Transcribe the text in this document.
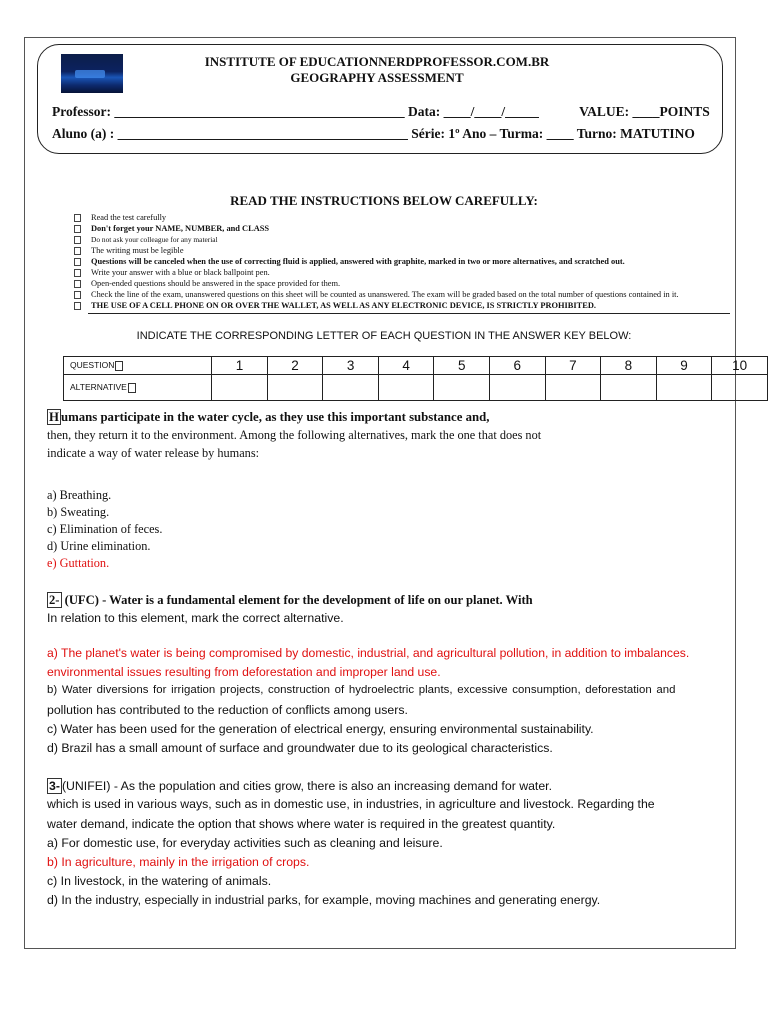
INSTITUTE OF EDUCATIONNERDPROFESSOR.COM.BR
GEOGRAPHY ASSESSMENT
Professor: ___________________________________________ Data: ____/____/_____            VALUE: ____POINTS
Aluno (a) : ___________________________________________ Série: 1º Ano – Turma: ____ Turno: MATUTINO
READ THE INSTRUCTIONS BELOW CAREFULLY:
Read the test carefully
Don't forget your NAME, NUMBER, and CLASS
Do not ask your colleague for any material
The writing must be legible
Questions will be canceled when the use of correcting fluid is applied, answered with graphite, marked in two or more alternatives, and scratched out.
Write your answer with a blue or black ballpoint pen.
Open-ended questions should be answered in the space provided for them.
Check the line of the exam, unanswered questions on this sheet will be counted as unanswered. The exam will be graded based on the total number of questions contained in it.
THE USE OF A CELL PHONE ON OR OVER THE WALLET, AS WELL AS ANY ELECTRONIC DEVICE, IS STRICTLY PROHIBITED.
INDICATE THE CORRESPONDING LETTER OF EACH QUESTION IN THE ANSWER KEY BELOW:
QUESTION	1	2	3	4	5	6	7	8	9	10
ALTERNATIVE										
H umans participate in the water cycle, as they use this important substance and,
then, they return it to the environment. Among the following alternatives, mark the one that does not
indicate a way of water release by humans:
a) Breathing.
b) Sweating.
c) Elimination of feces.
d) Urine elimination.
e) Guttation.
2- (UFC) - Water is a fundamental element for the development of life on our planet. With
In relation to this element, mark the correct alternative.
a) The planet's water is being compromised by domestic, industrial, and agricultural pollution, in addition to imbalances.
environmental issues resulting from deforestation and improper land use.
b) Water diversions for irrigation projects, construction of hydroelectric plants, excessive consumption, deforestation and
pollution has contributed to the reduction of conflicts among users.
c) Water has been used for the generation of electrical energy, ensuring environmental sustainability.
d) Brazil has a small amount of surface and groundwater due to its geological characteristics.
3- (UNIFEI) - As the population and cities grow, there is also an increasing demand for water.
which is used in various ways, such as in domestic use, in industries, in agriculture and livestock. Regarding the
water demand, indicate the option that shows where water is required in the greatest quantity.
a) For domestic use, for everyday activities such as cleaning and leisure.
b) In agriculture, mainly in the irrigation of crops.
c) In livestock, in the watering of animals.
d) In the industry, especially in industrial parks, for example, moving machines and generating energy.
